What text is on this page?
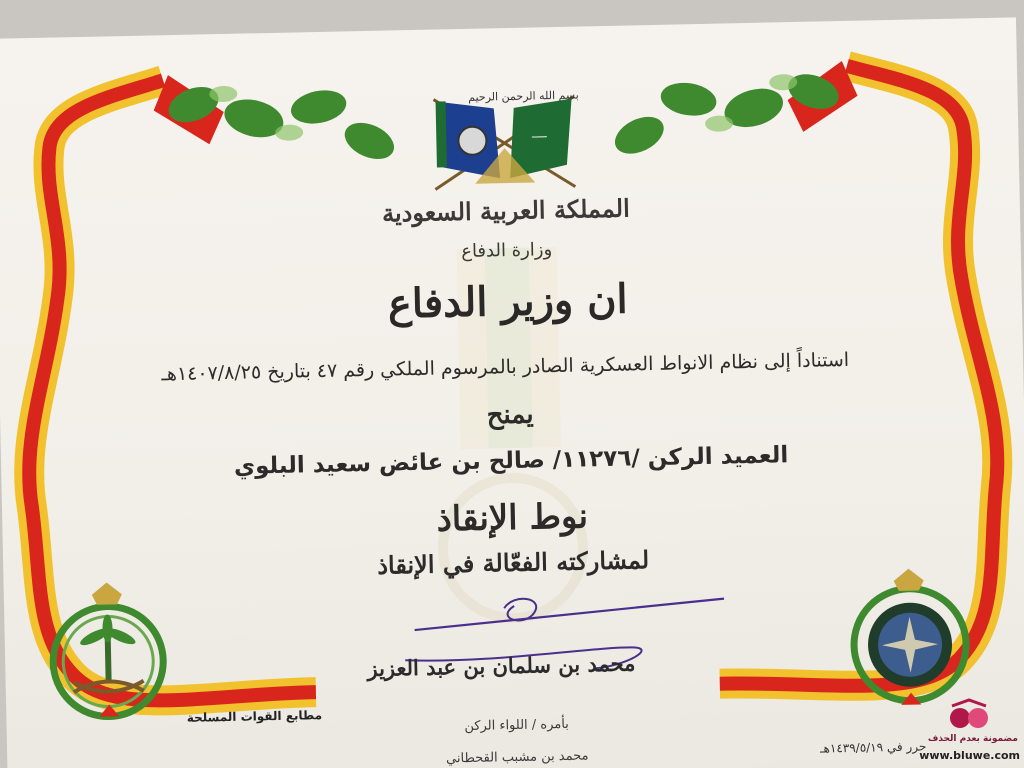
ـــــ
بسم الله الرحمن الرحيم
المملكة العربية السعودية
وزارة الدفاع
ان وزير الدفاع
استناداً إلى نظام الانواط العسكرية الصادر بالمرسوم الملكي رقم ٤٧ بتاريخ ١٤٠٧/٨/٢٥هـ
يمنح
العميد الركن /١١٢٧٦/ صالح بن عائض سعيد البلوي
نوط الإنقاذ
لمشاركته الفعّالة في الإنقاذ
محمد بن سلمان بن عبد العزيز
مطابع القوات المسلحة
بأمره / اللواء الركن
محمد بن مشبب القحطاني	حرر في ١٤٣٩/٥/١٩هـ
مضمونة بعدم الحذف
www.bluwe.com
